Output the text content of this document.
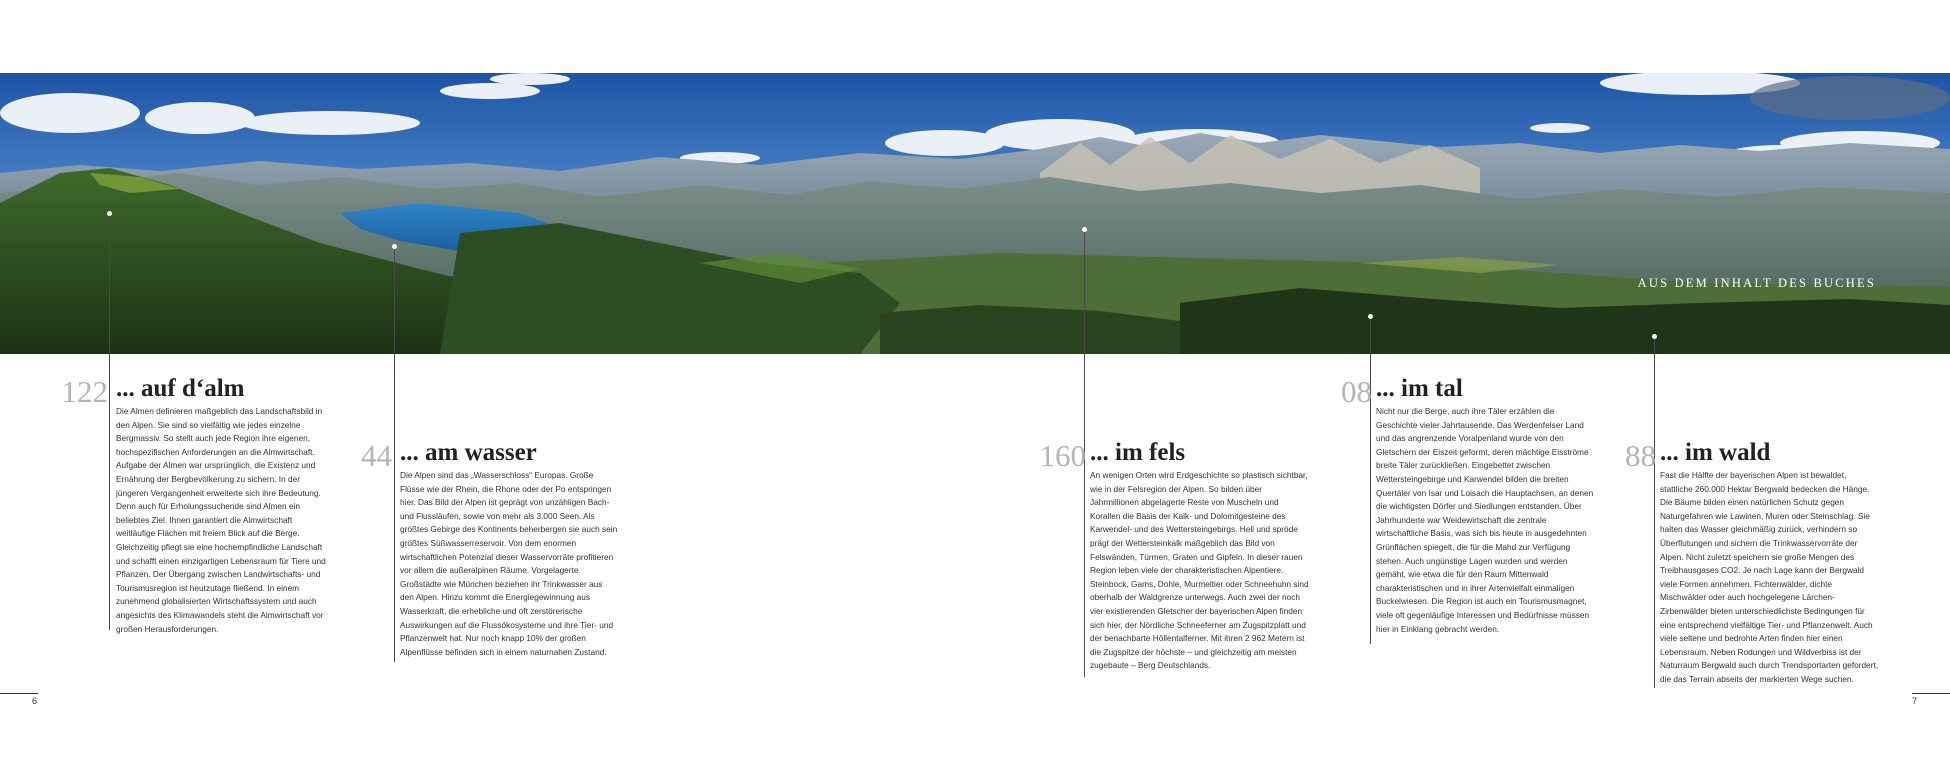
AUS DEM INHALT DES BUCHES
122 ... auf d‘alm

Die Almen definieren maßgeblich das Landschaftsbild in den Alpen. Sie sind so vielfältig wie jedes einzelne Bergmassiv. So stellt auch jede Region ihre eigenen, hochspezifischen Anforderungen an die Almwirtschaft. Aufgabe der Almen war ursprünglich, die Existenz und Ernährung der Bergbevölkerung zu sichern. In der jüngeren Vergangenheit erweiterte sich ihre Bedeutung. Denn auch für Erholungssuchende sind Almen ein beliebtes Ziel. Ihnen garantiert die Almwirtschaft weitläufige Flächen mit freiem Blick auf die Berge. Gleichzeitig pflegt sie eine hochempfindliche Landschaft und schafft einen einzigartigen Lebensraum für Tiere und Pflanzen. Der Übergang zwischen Landwirtschafts- und Tourismusregion ist heutzutage fließend. In einem zunehmend globalisierten Wirtschaftssystem und auch angesichts des Klimawandels steht die Almwirtschaft vor großen Herausforderungen.

44 ... am wasser

Die Alpen sind das „Wasserschloss“ Europas. Große Flüsse wie der Rhein, die Rhone oder der Po entspringen hier. Das Bild der Alpen ist geprägt von unzähligen Bach- und Flussläufen, sowie von mehr als 3.000 Seen. Als größtes Gebirge des Kontinents beherbergen sie auch sein größtes Süßwasserreservoir. Von dem enormen wirtschaftlichen Potenzial dieser Wasservorräte profitieren vor allem die außeralpinen Räume. Vorgelagerte Großstädte wie München beziehen ihr Trinkwasser aus den Alpen. Hinzu kommt die Energiegewinnung aus Wasserkraft, die erhebliche und oft zerstörerische Auswirkungen auf die Flussökosysteme und ihre Tier- und Pflanzenwelt hat. Nur noch knapp 10% der großen Alpenflüsse befinden sich in einem naturnahen Zustand.

160 ... im fels

An wenigen Orten wird Erdgeschichte so plastisch sichtbar, wie in der Felsregion der Alpen. So bilden über Jahrmillionen abgelagerte Reste von Muscheln und Korallen die Basis der Kalk- und Dolomitgesteine des Karwendel- und des Wettersteingebirgs. Hell und spröde prägt der Wettersteinkalk maßgeblich das Bild von Felswänden, Türmen, Graten und Gipfeln. In dieser rauen Region leben viele der charakteristischen Alpentiere. Steinbock, Gams, Dohle, Murmeltier oder Schneehuhn sind oberhalb der Waldgrenze unterwegs. Auch zwei der noch vier existierenden Gletscher der bayerischen Alpen finden sich hier, der Nördliche Schneeferner am Zugspitzplatt und der benachbarte Höllentalferner. Mit ihren 2 962 Metern ist die Zugspitze der höchste – und gleichzeitig am meisten zugebaute – Berg Deutschlands.

08 ... im tal

Nicht nur die Berge, auch ihre Täler erzählen die Geschichte vieler Jahrtausende. Das Werdenfelser Land und das angrenzende Voralpenland wurde von den Gletschern der Eiszeit geformt, deren mächtige Eisströme breite Täler zurückließen. Eingebettet zwischen Wettersteingebirge und Karwendel bilden die breiten Quertäler von Isar und Loisach die Hauptachsen, an denen die wichtigsten Dörfer und Siedlungen entstanden. Über Jahrhunderte war Weidewirtschaft die zentrale wirtschaftliche Basis, was sich bis heute in ausgedehnten Grünflächen spiegelt, die für die Mahd zur Verfügung stehen. Auch ungünstige Lagen wurden und werden gemäht, wie etwa die für den Raum Mittenwald charakteristischen und in ihrer Artenvielfalt einmaligen Buckelwiesen. Die Region ist auch ein Tourismusmagnet, viele oft gegenläufige Interessen und Bedürfnisse müssen hier in Einklang gebracht werden.

88 ... im wald

Fast die Hälfte der bayerischen Alpen ist bewaldet, stattliche 260.000 Hektar Bergwald bedecken die Hänge. Die Bäume bilden einen natürlichen Schutz gegen Naturgefahren wie Lawinen, Muren oder Steinschlag. Sie halten das Wasser gleichmäßig zurück, verhindern so Überflutungen und sichern die Trinkwasservorräte der Alpen. Nicht zuletzt speichern sie große Mengen des Treibhausgases CO2. Je nach Lage kann der Bergwald viele Formen annehmen. Fichtenwälder, dichte Mischwälder oder auch hochgelegene Lärchen-Zirbenwälder bieten unterschiedlichste Bedingungen für eine entsprechend vielfältige Tier- und Pflanzenwelt. Auch viele seltene und bedrohte Arten finden hier einen Lebensraum. Neben Rodungen und Wildverbiss ist der Naturraum Bergwald auch durch Trendsportarten gefordert, die das Terrain abseits der markierten Wege suchen.

6	7
